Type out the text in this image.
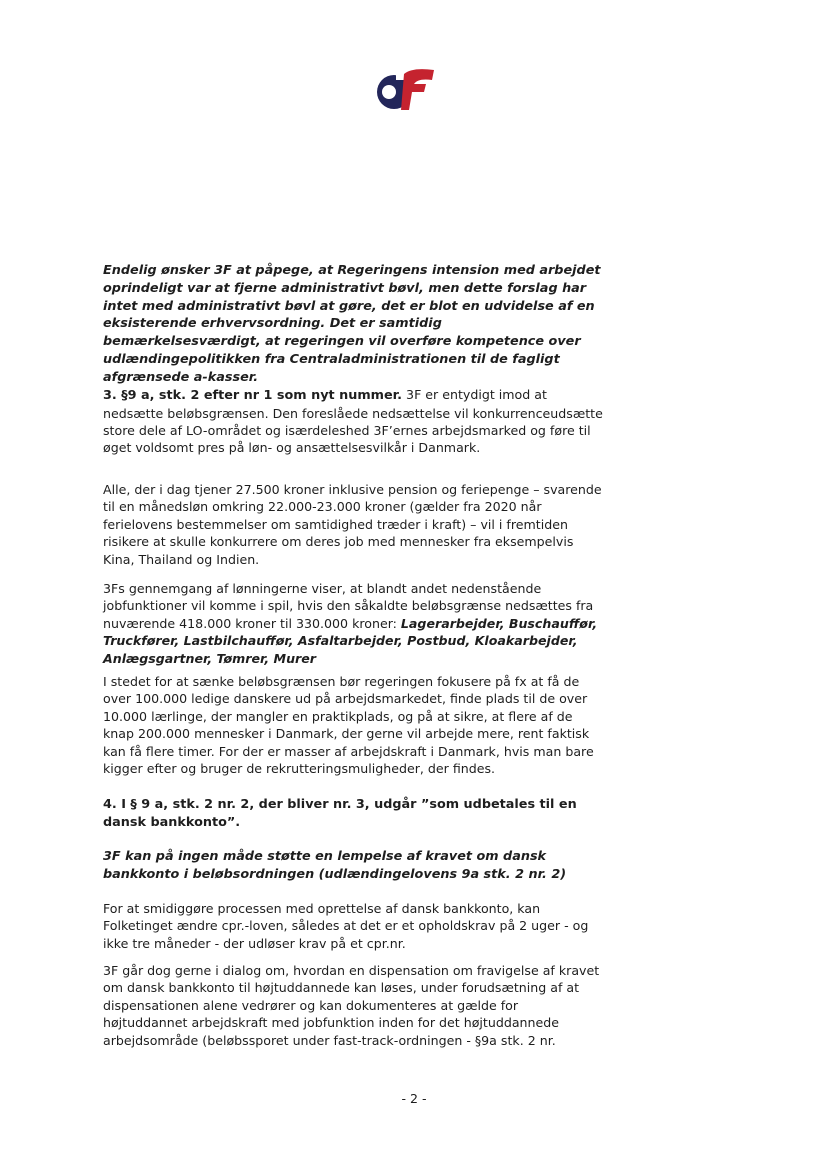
Endelig ønsker 3F at påpege, at Regeringens intension med arbejdet oprindeligt var at fjerne administrativt bøvl, men dette forslag har intet med administrativt bøvl at gøre, det er blot en udvidelse af en eksisterende erhvervsordning. Det er samtidig bemærkelsesværdigt, at regeringen vil overføre kompetence over udlændingepolitikken fra Centraladministrationen til de fagligt afgrænsede a-kasser.

3. §9 a, stk. 2 efter nr 1 som nyt nummer. 3F er entydigt imod at nedsætte beløbsgrænsen. Den foreslåede nedsættelse vil konkurrenceudsætte store dele af LO-området og isærdeleshed 3F’ernes arbejdsmarked og føre til øget voldsomt pres på løn- og ansættelsesvilkår i Danmark.

Alle, der i dag tjener 27.500 kroner inklusive pension og feriepenge – svarende til en månedsløn omkring 22.000-23.000 kroner (gælder fra 2020 når ferielovens bestemmelser om samtidighed træder i kraft) – vil i fremtiden risikere at skulle konkurrere om deres job med mennesker fra eksempelvis Kina, Thailand og Indien.

3Fs gennemgang af lønningerne viser, at blandt andet nedenstående jobfunktioner vil komme i spil, hvis den såkaldte beløbsgrænse nedsættes fra nuværende 418.000 kroner til 330.000 kroner: Lagerarbejder, Buschauffør, Truckfører, Lastbilchauffør, Asfaltarbejder, Postbud, Kloakarbejder, Anlægsgartner, Tømrer, Murer

I stedet for at sænke beløbsgrænsen bør regeringen fokusere på fx at få de over 100.000 ledige danskere ud på arbejdsmarkedet, finde plads til de over 10.000 lærlinge, der mangler en praktikplads, og på at sikre, at flere af de knap 200.000 mennesker i Danmark, der gerne vil arbejde mere, rent faktisk kan få flere timer. For der er masser af arbejdskraft i Danmark, hvis man bare kigger efter og bruger de rekrutteringsmuligheder, der findes.

4. I § 9 a, stk. 2 nr. 2, der bliver nr. 3, udgår ”som udbetales til en dansk bankkonto”.

3F kan på ingen måde støtte en lempelse af kravet om dansk bankkonto i beløbsordningen (udlændingelovens 9a stk. 2 nr. 2)

For at smidiggøre processen med oprettelse af dansk bankkonto, kan Folketinget ændre cpr.-loven, således at det er et opholdskrav på 2 uger - og ikke tre måneder - der udløser krav på et cpr.nr.

3F går dog gerne i dialog om, hvordan en dispensation om fravigelse af kravet om dansk bankkonto til højtuddannede kan løses, under forudsætning af at dispensationen alene vedrører og kan dokumenteres at gælde for højtuddannet arbejdskraft med jobfunktion inden for det højtuddannede arbejdsområde (beløbssporet under fast-track-ordningen - §9a stk. 2 nr.

- 2 -
